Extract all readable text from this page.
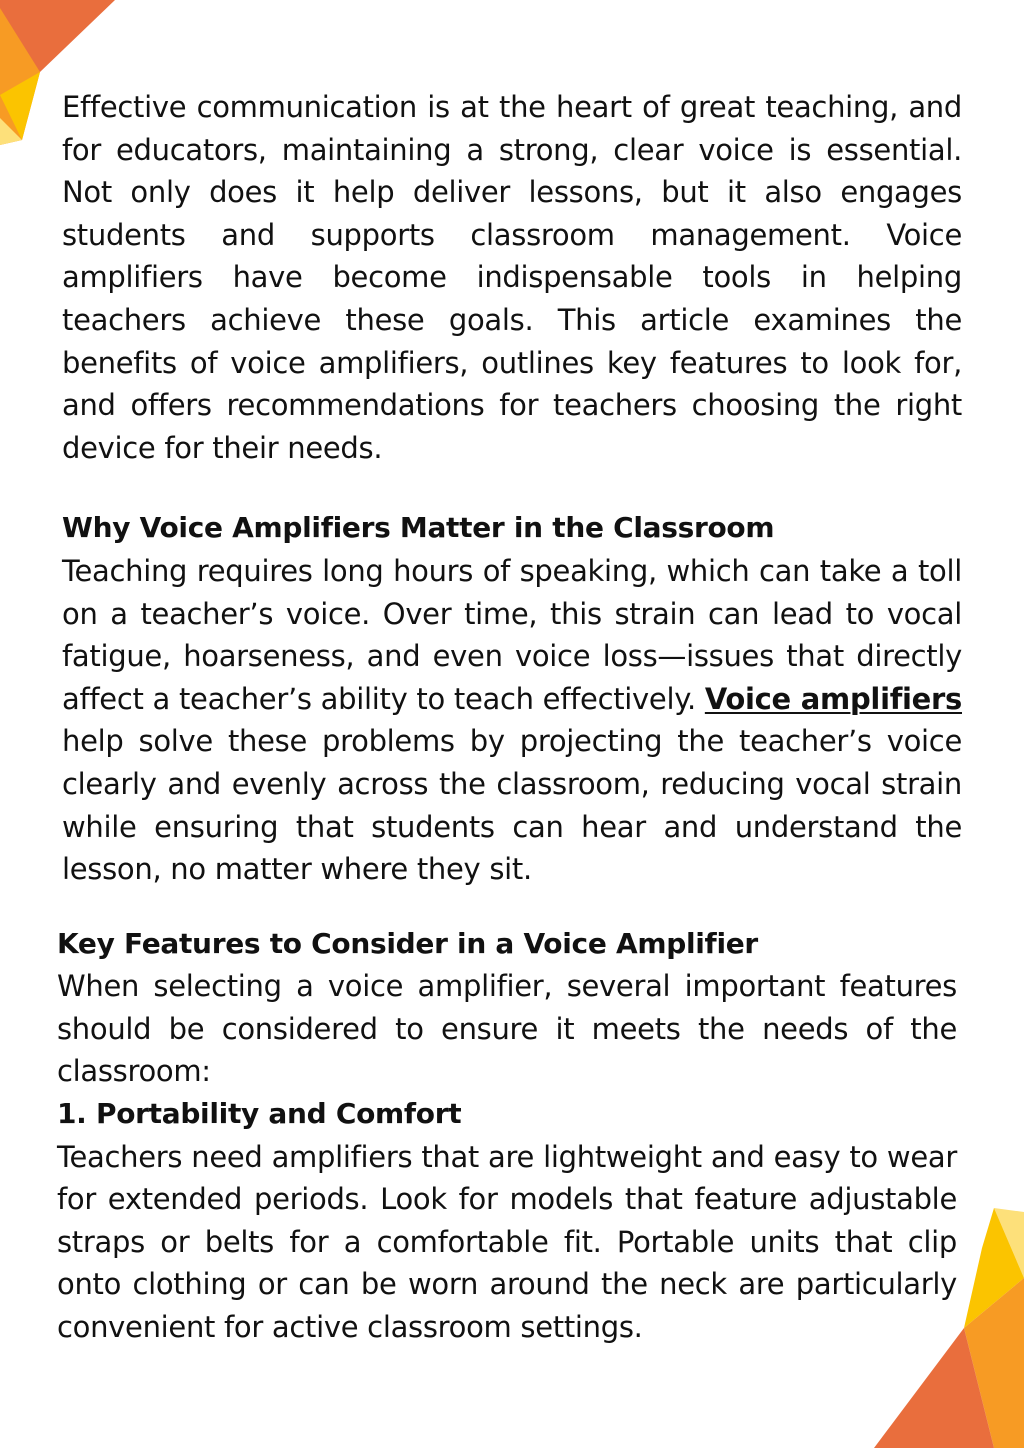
Effective communication is at the heart of great teaching, and for educators, maintaining a strong, clear voice is essential. Not only does it help deliver lessons, but it also engages students and supports classroom management. Voice amplifiers have become indispensable tools in helping teachers achieve these goals. This article examines the benefits of voice amplifiers, outlines key features to look for, and offers recommendations for teachers choosing the right device for their needs.

Why Voice Amplifiers Matter in the Classroom

Teaching requires long hours of speaking, which can take a toll on a teacher’s voice. Over time, this strain can lead to vocal fatigue, hoarseness, and even voice loss—issues that directly affect a teacher’s ability to teach effectively. Voice amplifiers help solve these problems by projecting the teacher’s voice clearly and evenly across the classroom, reducing vocal strain while ensuring that students can hear and understand the lesson, no matter where they sit.

Key Features to Consider in a Voice Amplifier

When selecting a voice amplifier, several important features should be considered to ensure it meets the needs of the classroom:

1. Portability and Comfort

Teachers need amplifiers that are lightweight and easy to wear for extended periods. Look for models that feature adjustable straps or belts for a comfortable fit. Portable units that clip onto clothing or can be worn around the neck are particularly convenient for active classroom settings.
